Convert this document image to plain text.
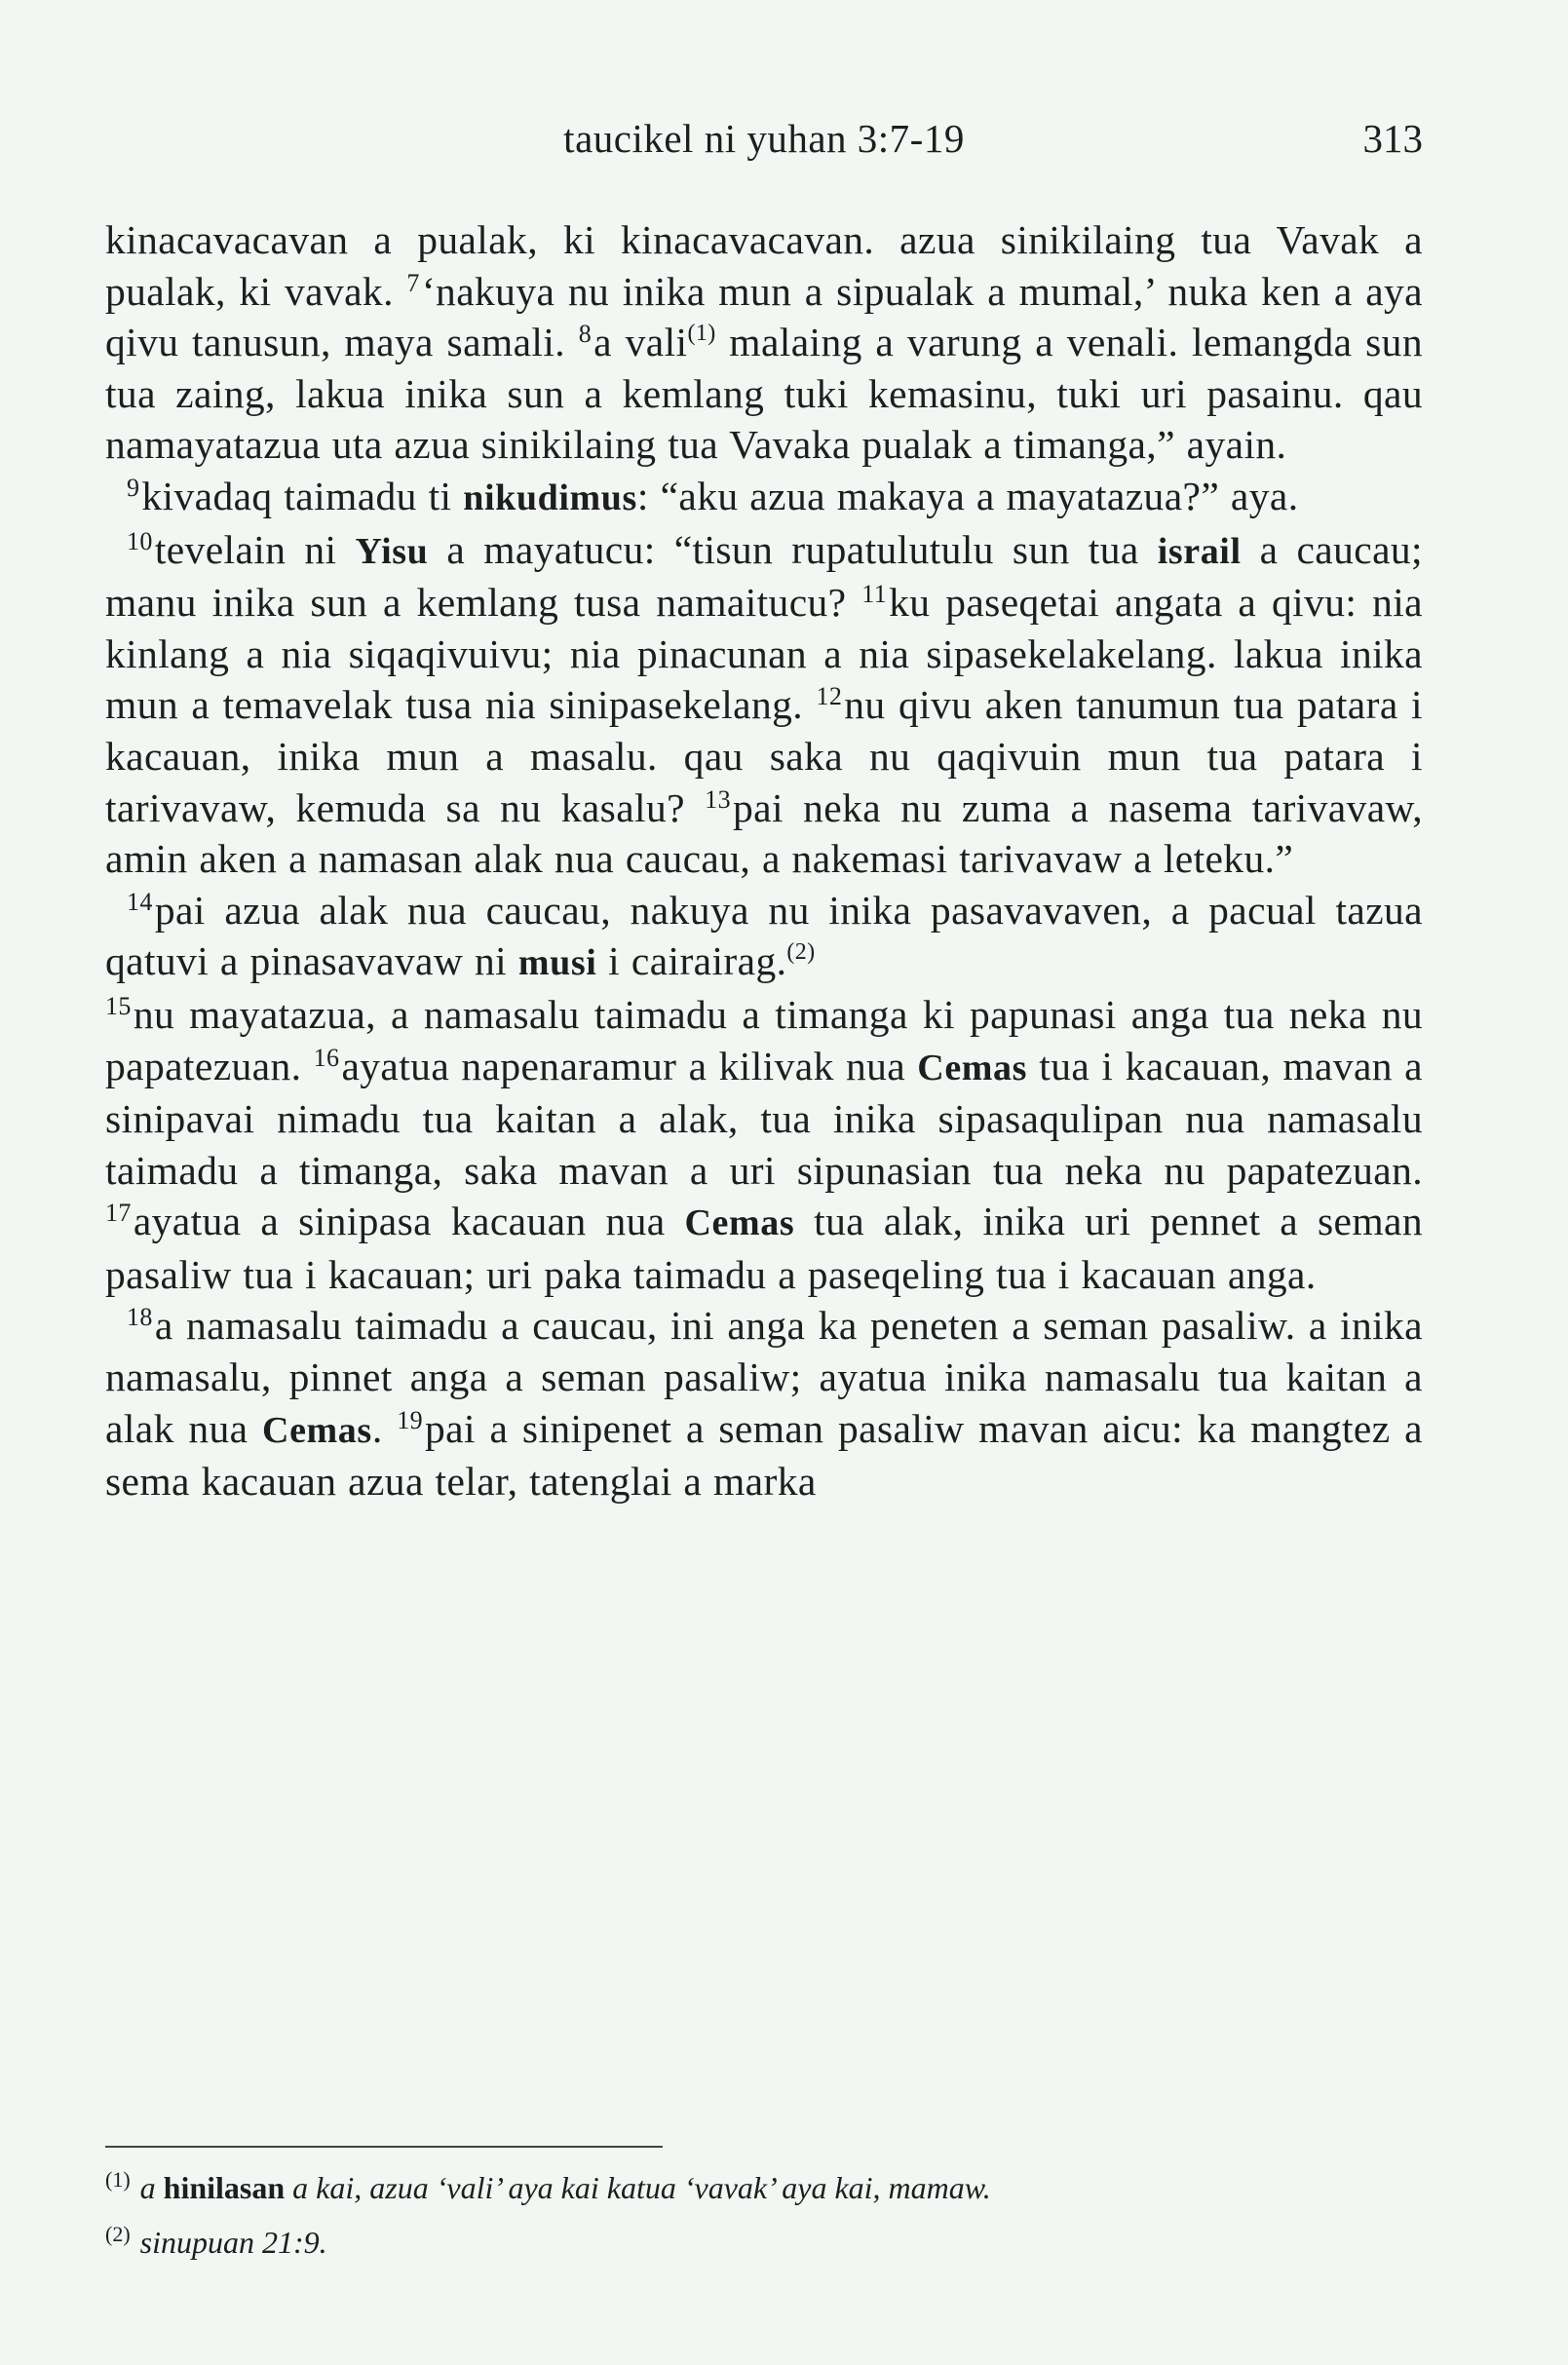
taucikel ni yuhan 3:7-19	313

kinacavacavan a pualak, ki kinacavacavan. azua sinikilaing tua Vavak a pualak, ki vavak. $^7$‘nakuya nu inika mun a sipualak a mumal,’ nuka ken a aya qivu tanusun, maya samali. $^8$a vali$^{(1)}$ malaing a varung a venali. lemangda sun tua zaing, lakua inika sun a kemlang tuki kemasinu, tuki uri pasainu. qau namayatazua uta azua sinikilaing tua Vavaka pualak a timanga,” ayain.

$^9$kivadaq taimadu ti nikudimus: “aku azua makaya a mayatazua?” aya.

$^{10}$tevelain ni Yisu a mayatucu: “tisun rupatulutulu sun tua israil a caucau; manu inika sun a kemlang tusa namaitucu? $^{11}$ku paseqetai angata a qivu: nia kinlang a nia siqaqivuivu; nia pinacunan a nia sipasekelakelang. lakua inika mun a temavelak tusa nia sinipasekelang. $^{12}$nu qivu aken tanumun tua patara i kacauan, inika mun a masalu. qau saka nu qaqivuin mun tua patara i tarivavaw, kemuda sa nu kasalu? $^{13}$pai neka nu zuma a nasema tarivavaw, amin aken a namasan alak nua caucau, a nakemasi tarivavaw a leteku.”

$^{14}$pai azua alak nua caucau, nakuya nu inika pasavavaven, a pacual tazua qatuvi a pinasavavaw ni musi i cairairag.$^{(2)}$
$^{15}$nu mayatazua, a namasalu taimadu a timanga ki papunasi anga tua neka nu papatezuan. $^{16}$ayatua napenaramur a kilivak nua Cemas tua i kacauan, mavan a sinipavai nimadu tua kaitan a alak, tua inika sipasaqulipan nua namasalu taimadu a timanga, saka mavan a uri sipunasian tua neka nu papatezuan. $^{17}$ayatua a sinipasa kacauan nua Cemas tua alak, inika uri pennet a seman pasaliw tua i kacauan; uri paka taimadu a paseqeling tua i kacauan anga.

$^{18}$a namasalu taimadu a caucau, ini anga ka peneten a seman pasaliw. a inika namasalu, pinnet anga a seman pasaliw; ayatua inika namasalu tua kaitan a alak nua Cemas. $^{19}$pai a sinipenet a seman pasaliw mavan aicu: ka mangtez a sema kacauan azua telar, tatenglai a marka

$^{(1)}$ a hinilasan a kai, azua ‘vali’ aya kai katua ‘vavak’ aya kai, mamaw.

$^{(2)}$ sinupuan 21:9.
